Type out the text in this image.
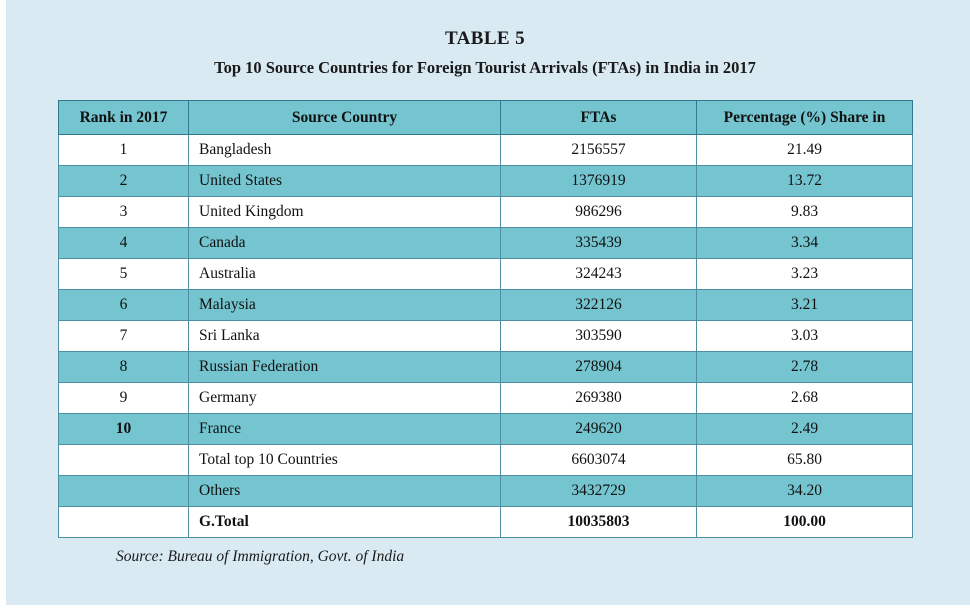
TABLE 5
Top 10 Source Countries for Foreign Tourist Arrivals (FTAs) in India in 2017
Rank in 2017	Source Country	FTAs	Percentage (%) Share in
1	Bangladesh	2156557	21.49
2	United States	1376919	13.72
3	United Kingdom	986296	9.83
4	Canada	335439	3.34
5	Australia	324243	3.23
6	Malaysia	322126	3.21
7	Sri Lanka	303590	3.03
8	Russian Federation	278904	2.78
9	Germany	269380	2.68
10	France	249620	2.49
	Total top 10 Countries	6603074	65.80
	Others	3432729	34.20
	G.Total	10035803	100.00
Source: Bureau of Immigration, Govt. of India
